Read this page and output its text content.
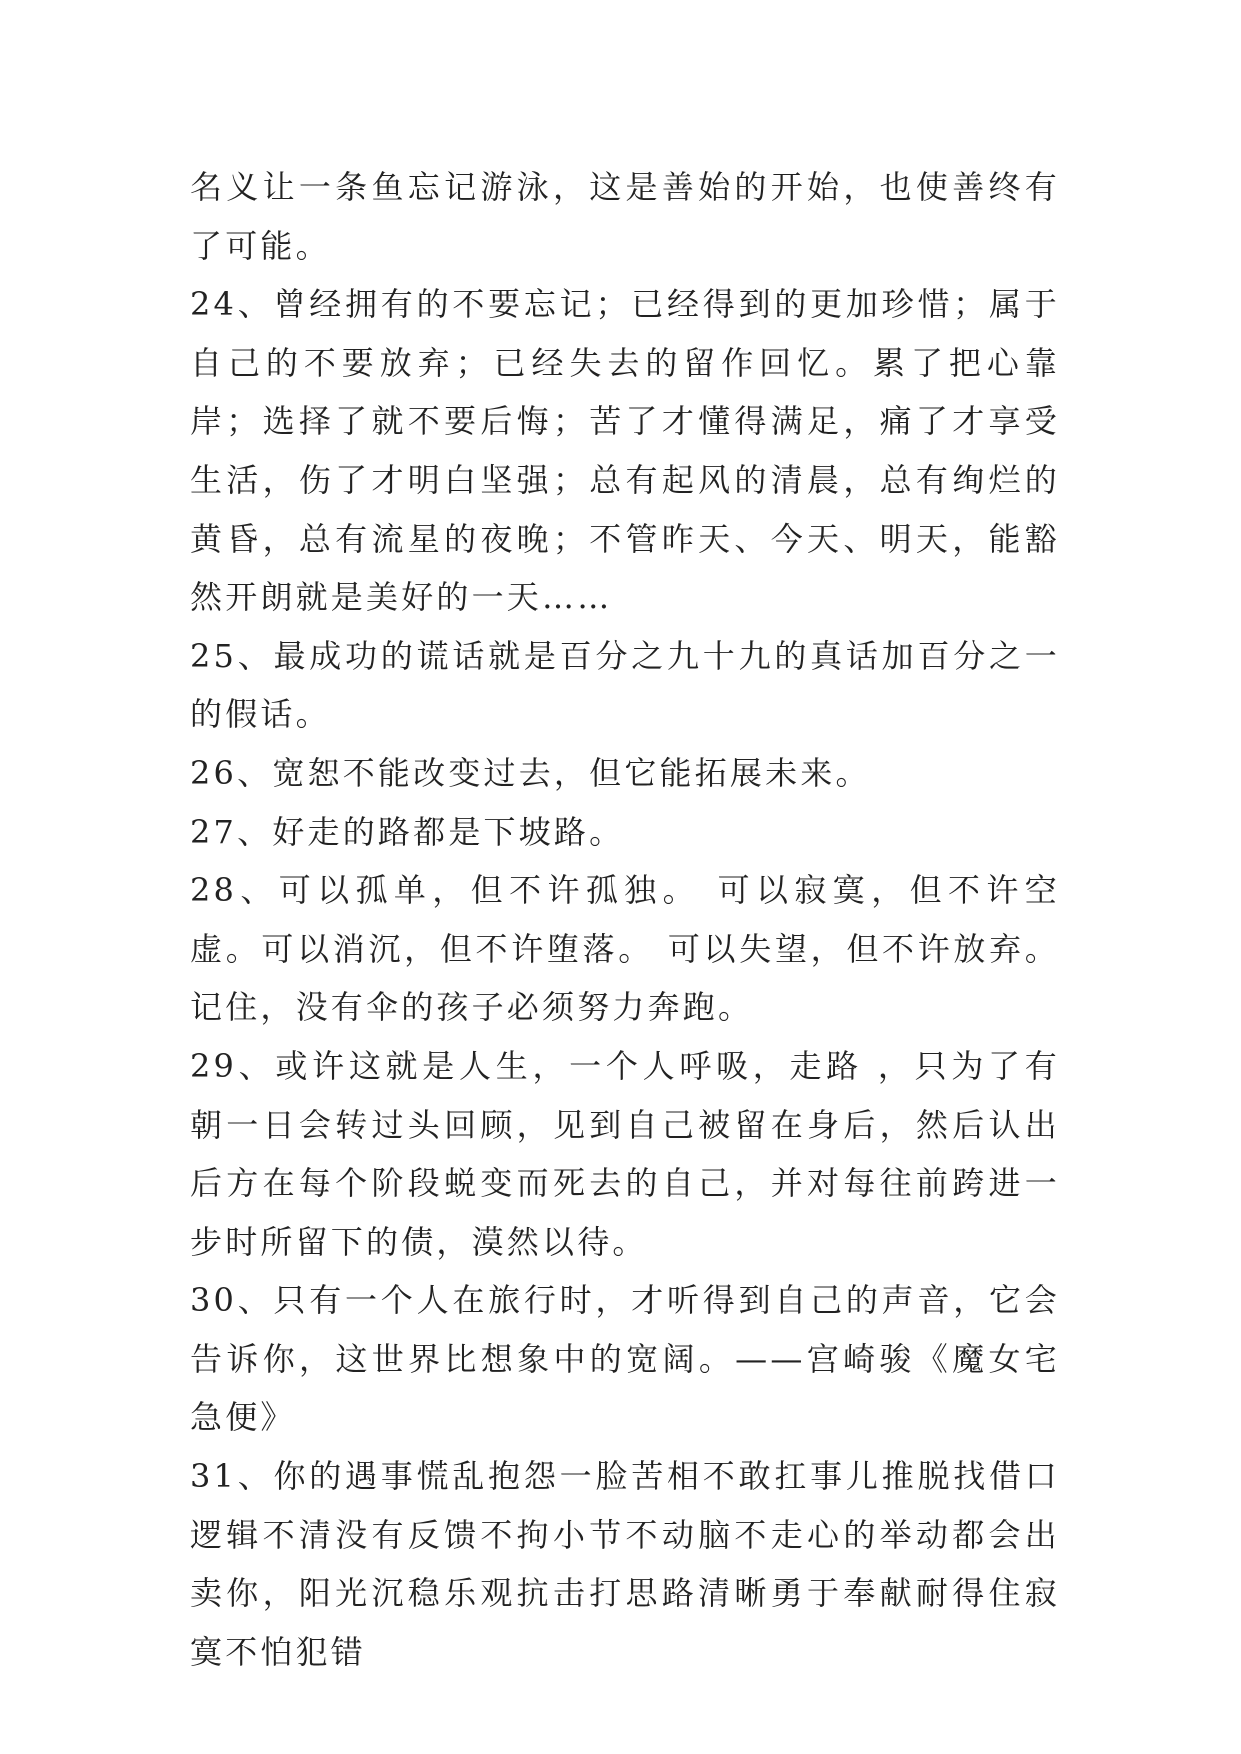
名义让一条鱼忘记游泳，这是善始的开始，也使善终有了可能。

24、曾经拥有的不要忘记；已经得到的更加珍惜；属于自己的不要放弃；已经失去的留作回忆。累了把心靠岸；选择了就不要后悔；苦了才懂得满足，痛了才享受生活，伤了才明白坚强；总有起风的清晨，总有绚烂的黄昏，总有流星的夜晚；不管昨天、今天、明天，能豁然开朗就是美好的一天……

25、最成功的谎话就是百分之九十九的真话加百分之一的假话。

26、宽恕不能改变过去，但它能拓展未来。

27、好走的路都是下坡路。

28、可以孤单，但不许孤独。 可以寂寞，但不许空虚。可以消沉，但不许堕落。 可以失望，但不许放弃。 记住，没有伞的孩子必须努力奔跑。

29、或许这就是人生，一个人呼吸，走路 ，只为了有朝一日会转过头回顾，见到自己被留在身后，然后认出后方在每个阶段蜕变而死去的自己，并对每往前跨进一步时所留下的债，漠然以待。

30、只有一个人在旅行时，才听得到自己的声音，它会告诉你，这世界比想象中的宽阔。——宫崎骏《魔女宅急便》

31、你的遇事慌乱抱怨一脸苦相不敢扛事儿推脱找借口逻辑不清没有反馈不拘小节不动脑不走心的举动都会出卖你，阳光沉稳乐观抗击打思路清晰勇于奉献耐得住寂寞不怕犯错
